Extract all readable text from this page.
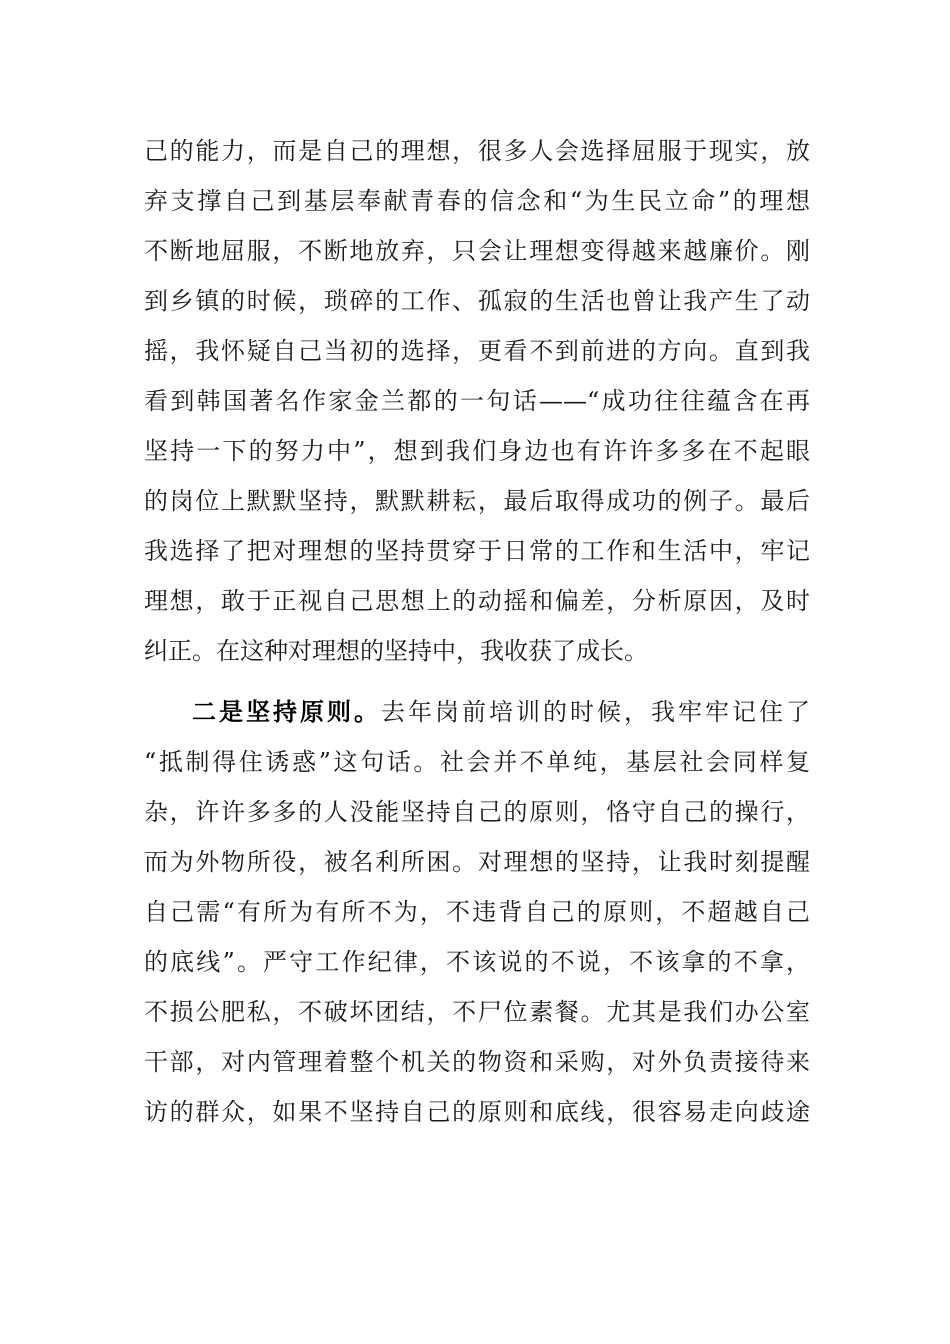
己的能力，而是自己的理想，很多人会选择屈服于现实，放
弃支撑自己到基层奉献青春的信念和“为生民立命”的理想
不断地屈服，不断地放弃，只会让理想变得越来越廉价。刚
到乡镇的时候，琐碎的工作、孤寂的生活也曾让我产生了动
摇，我怀疑自己当初的选择，更看不到前进的方向。直到我
看到韩国著名作家金兰都的一句话——“成功往往蕴含在再
坚持一下的努力中”，想到我们身边也有许许多多在不起眼
的岗位上默默坚持，默默耕耘，最后取得成功的例子。最后
我选择了把对理想的坚持贯穿于日常的工作和生活中，牢记
理想，敢于正视自己思想上的动摇和偏差，分析原因，及时
纠正。在这种对理想的坚持中，我收获了成长。
二是坚持原则。去年岗前培训的时候，我牢牢记住了
“抵制得住诱惑”这句话。社会并不单纯，基层社会同样复
杂，许许多多的人没能坚持自己的原则，恪守自己的操行，
而为外物所役，被名利所困。对理想的坚持，让我时刻提醒
自己需“有所为有所不为，不违背自己的原则，不超越自己
的底线”。严守工作纪律，不该说的不说，不该拿的不拿，
不损公肥私，不破坏团结，不尸位素餐。尤其是我们办公室
干部，对内管理着整个机关的物资和采购，对外负责接待来
访的群众，如果不坚持自己的原则和底线，很容易走向歧途
